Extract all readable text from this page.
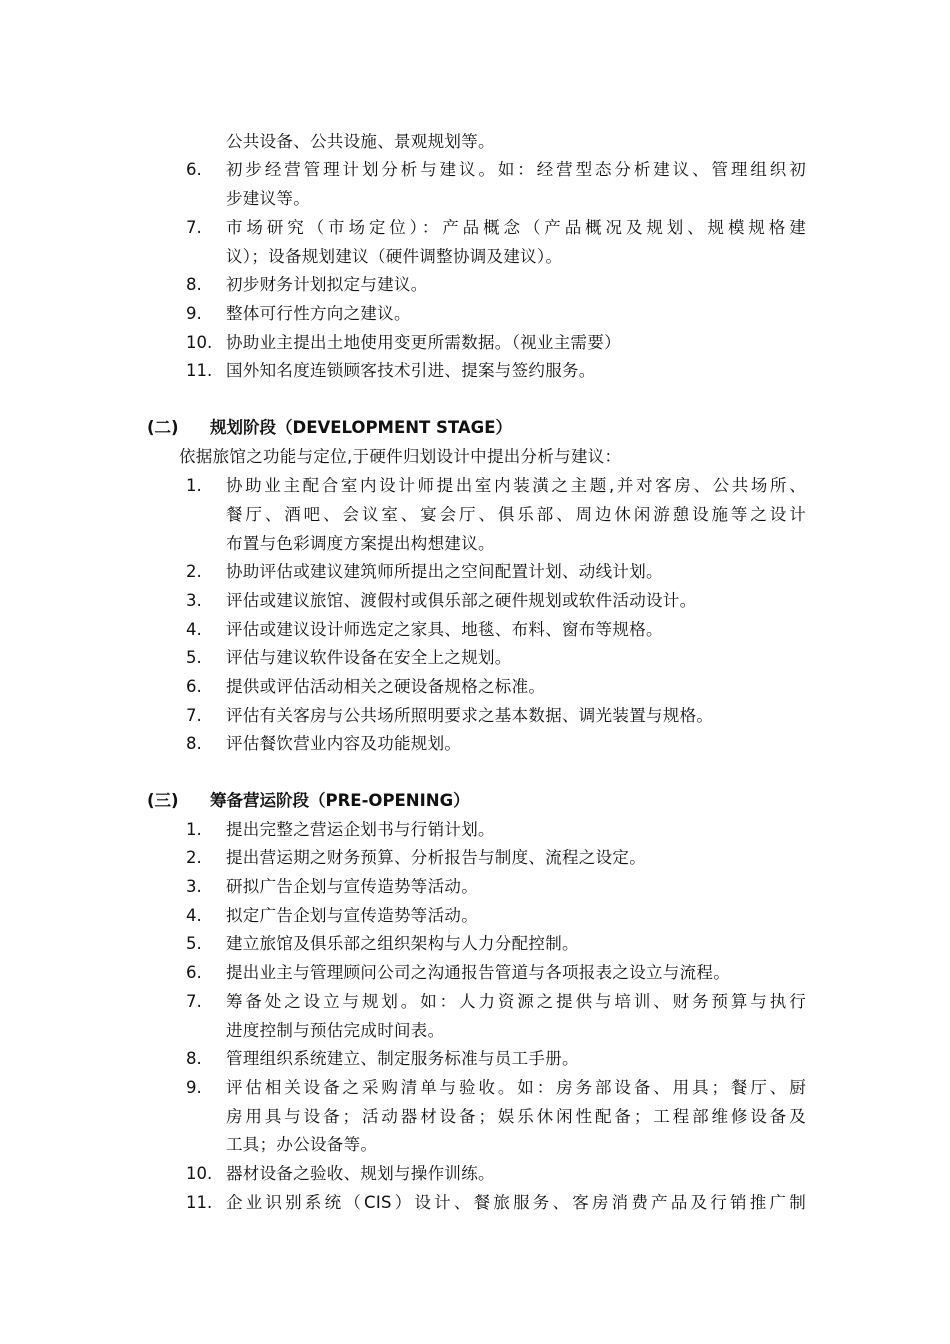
公共设备、公共设施、景观规划等。
6.	初步经营管理计划分析与建议。如：经营型态分析建议、管理组织初
步建议等。
7.	市场研究（市场定位）：产品概念（产品概况及规划、规模规格建
议）；设备规划建议（硬件调整协调及建议）。
8.	初步财务计划拟定与建议。
9.	整体可行性方向之建议。
10. 协助业主提出土地使用变更所需数据。（视业主需要）
11. 国外知名度连锁顾客技术引进、提案与签约服务。
(二) 规划阶段（DEVELOPMENT STAGE）
依据旅馆之功能与定位,于硬件归划设计中提出分析与建议：
1.	协助业主配合室内设计师提出室内装潢之主题,并对客房、公共场所、
餐厅、酒吧、会议室、宴会厅、俱乐部、周边休闲游憩设施等之设计
布置与色彩调度方案提出构想建议。
2.	协助评估或建议建筑师所提出之空间配置计划、动线计划。
3.	评估或建议旅馆、渡假村或俱乐部之硬件规划或软件活动设计。
4.	评估或建议设计师选定之家具、地毯、布料、窗布等规格。
5.	评估与建议软件设备在安全上之规划。
6.	提供或评估活动相关之硬设备规格之标准。
7.	评估有关客房与公共场所照明要求之基本数据、调光装置与规格。
8.	评估餐饮营业内容及功能规划。
(三) 筹备营运阶段（PRE-OPENING）
1.	提出完整之营运企划书与行销计划。
2.	提出营运期之财务预算、分析报告与制度、流程之设定。
3.	研拟广告企划与宣传造势等活动。
4.	拟定广告企划与宣传造势等活动。
5.	建立旅馆及俱乐部之组织架构与人力分配控制。
6.	提出业主与管理顾问公司之沟通报告管道与各项报表之设立与流程。
7.	筹备处之设立与规划。如：人力资源之提供与培训、财务预算与执行
进度控制与预估完成时间表。
8.	管理组织系统建立、制定服务标准与员工手册。
9.	评估相关设备之采购清单与验收。如：房务部设备、用具；餐厅、厨
房用具与设备；活动器材设备；娱乐休闲性配备；工程部维修设备及
工具；办公设备等。
10. 器材设备之验收、规划与操作训练。
11. 企业识别系统（CIS）设计、餐旅服务、客房消费产品及行销推广制
